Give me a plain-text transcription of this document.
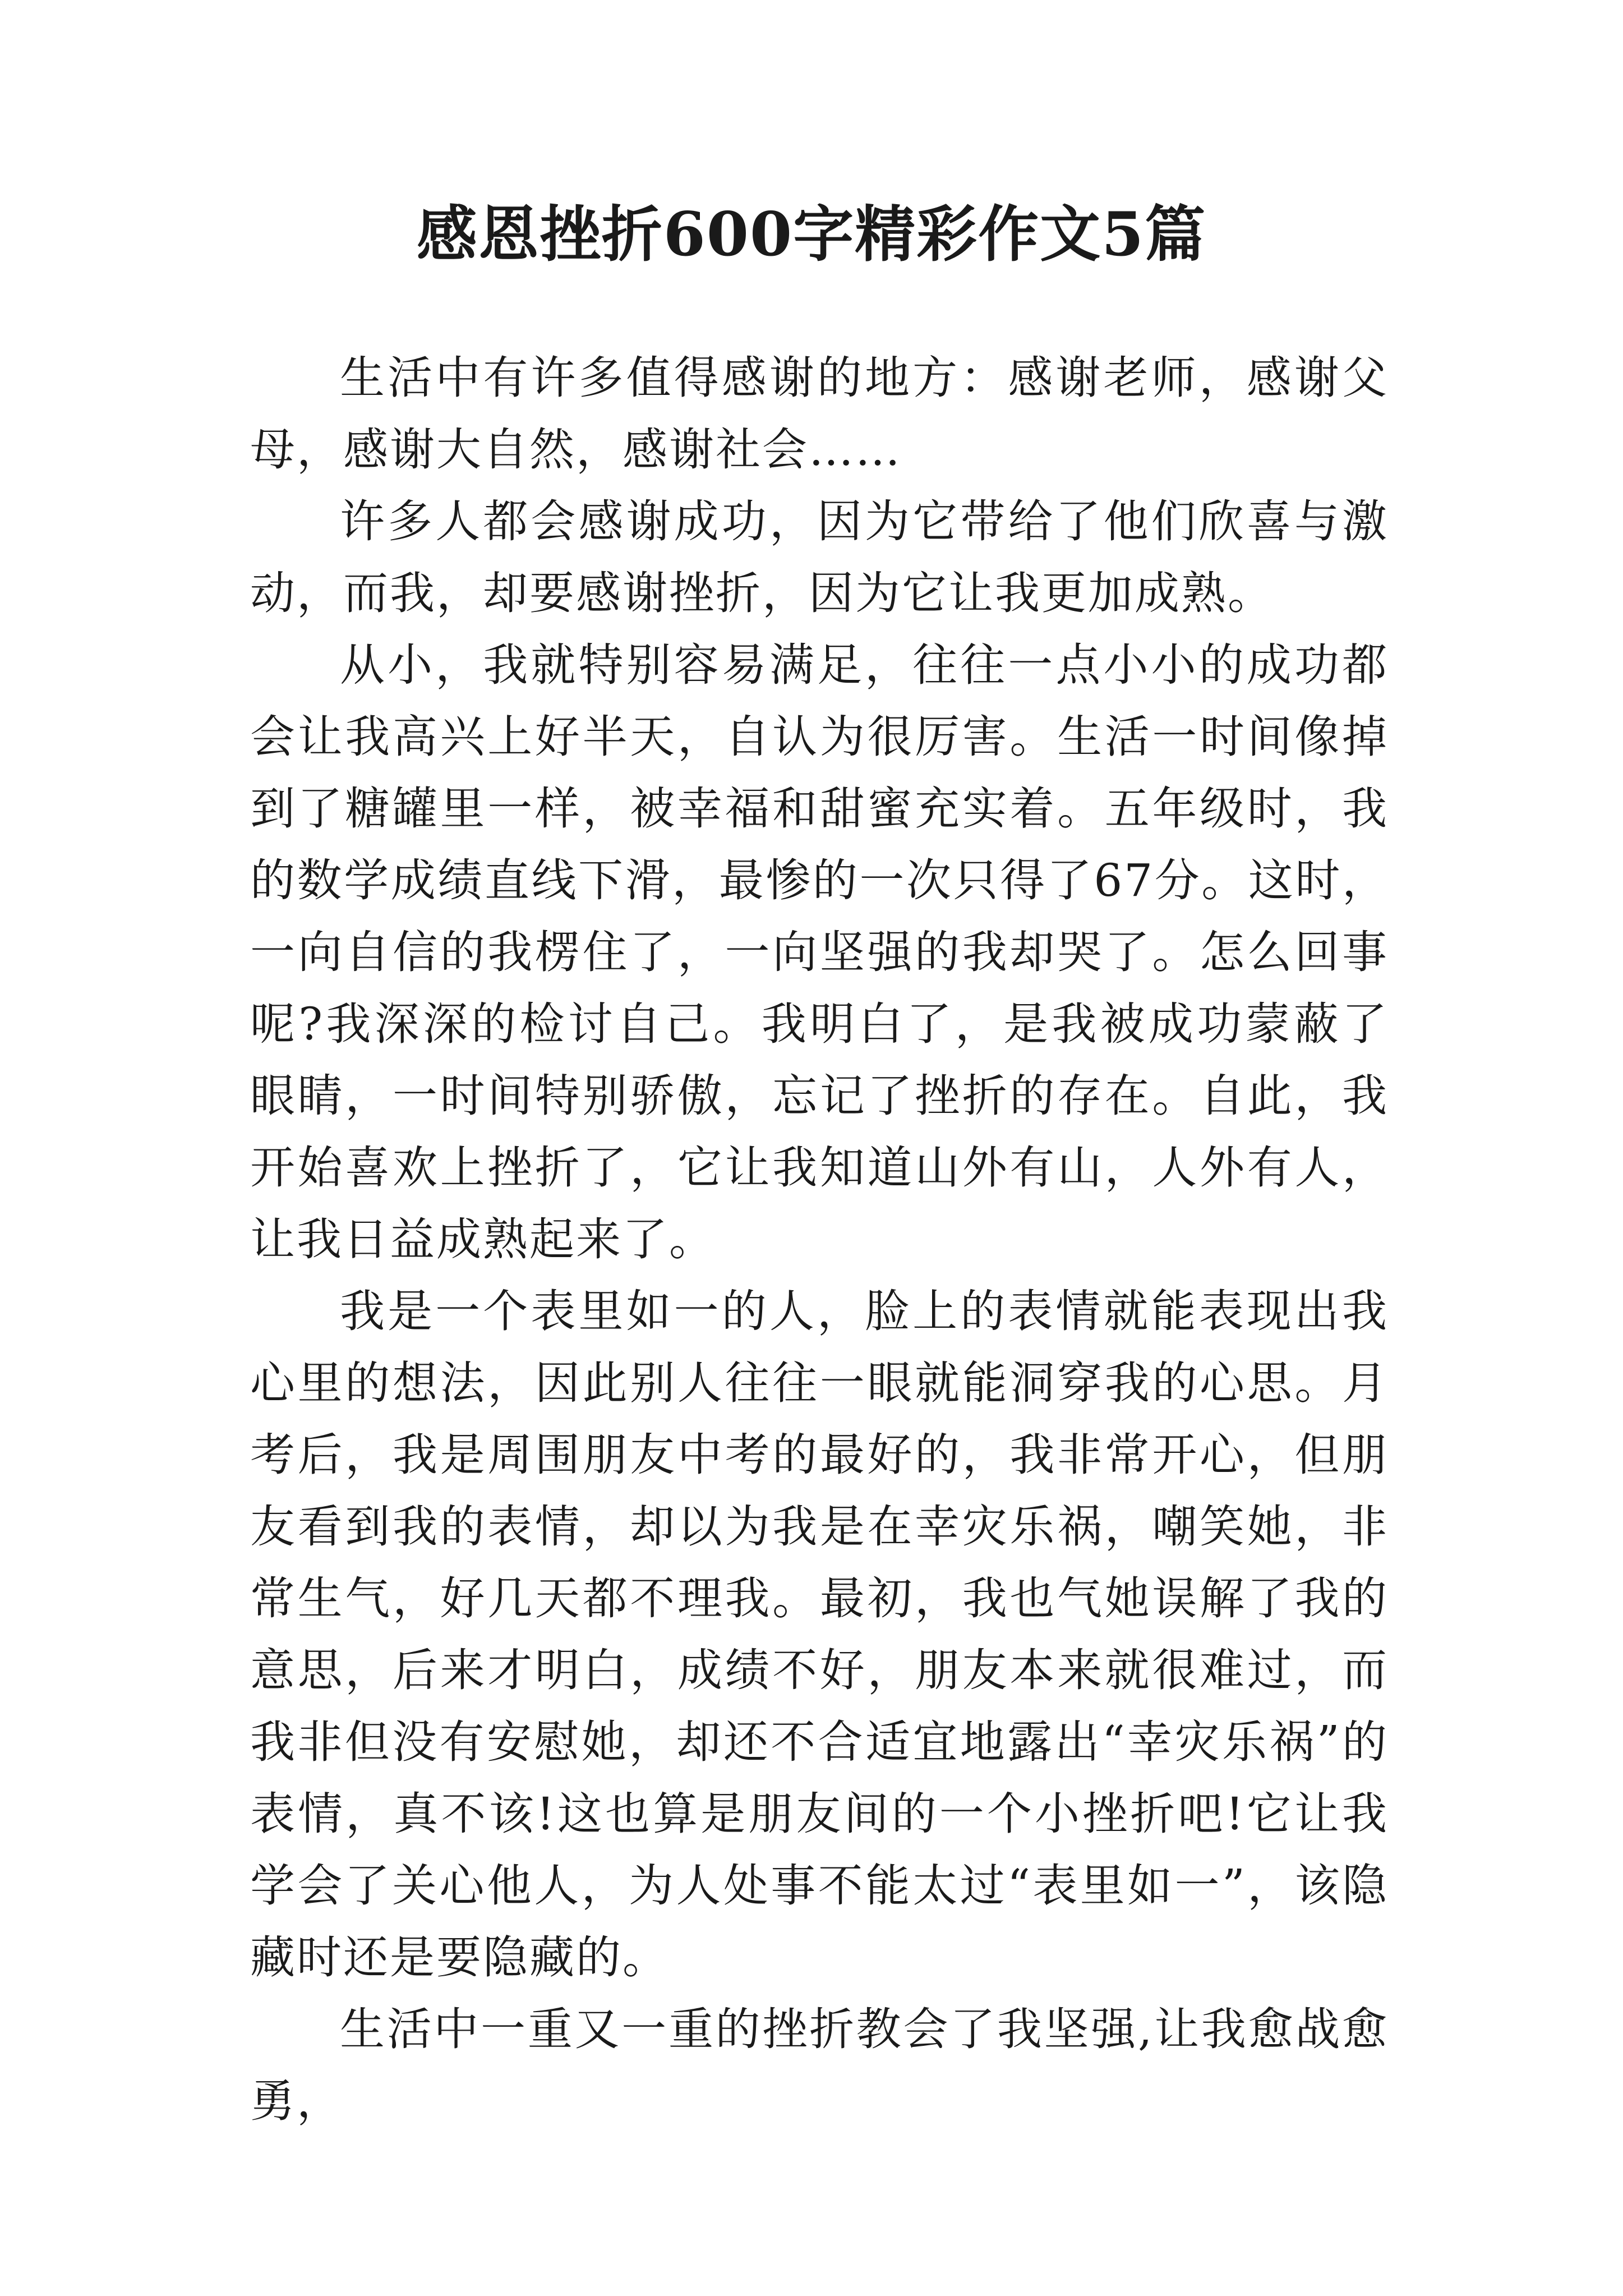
感恩挫折600字精彩作文5篇

生活中有许多值得感谢的地方：感谢老师，感谢父母，感谢大自然，感谢社会……

许多人都会感谢成功，因为它带给了他们欣喜与激动，而我，却要感谢挫折，因为它让我更加成熟。

从小，我就特别容易满足，往往一点小小的成功都会让我高兴上好半天，自认为很厉害。生活一时间像掉到了糖罐里一样，被幸福和甜蜜充实着。五年级时，我的数学成绩直线下滑，最惨的一次只得了67分。这时，一向自信的我楞住了，一向坚强的我却哭了。怎么回事呢?我深深的检讨自己。我明白了，是我被成功蒙蔽了眼睛，一时间特别骄傲，忘记了挫折的存在。自此，我开始喜欢上挫折了，它让我知道山外有山，人外有人，让我日益成熟起来了。

我是一个表里如一的人，脸上的表情就能表现出我心里的想法，因此别人往往一眼就能洞穿我的心思。月考后，我是周围朋友中考的最好的，我非常开心，但朋友看到我的表情，却以为我是在幸灾乐祸，嘲笑她，非常生气，好几天都不理我。最初，我也气她误解了我的意思，后来才明白，成绩不好，朋友本来就很难过，而我非但没有安慰她，却还不合适宜地露出“幸灾乐祸”的表情，真不该!这也算是朋友间的一个小挫折吧!它让我学会了关心他人，为人处事不能太过“表里如一”，该隐藏时还是要隐藏的。

生活中一重又一重的挫折教会了我坚强,让我愈战愈勇，
